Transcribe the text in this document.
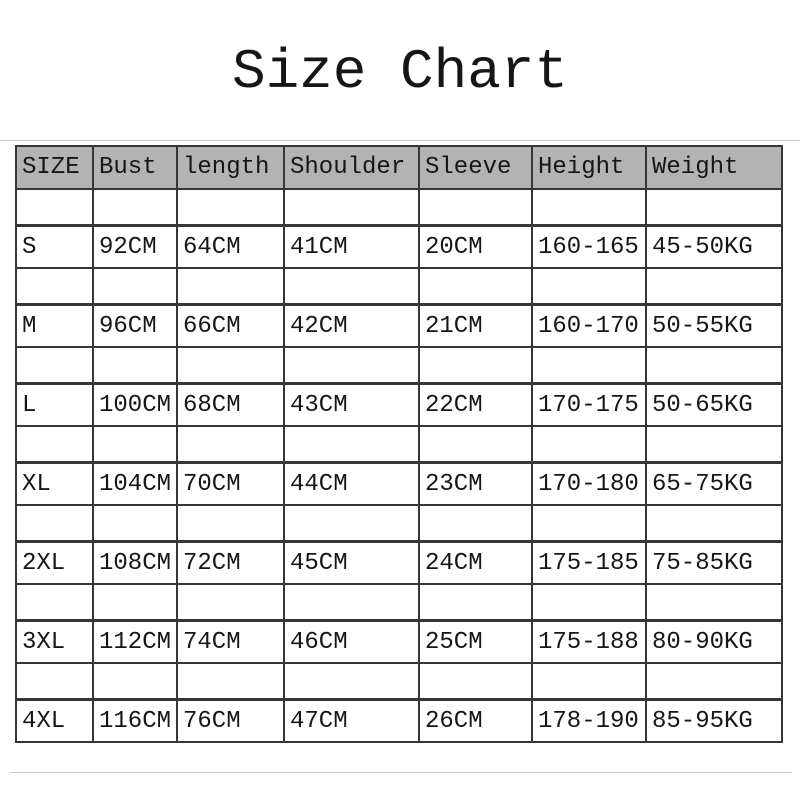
Size Chart
SIZE	Bust	length	Shoulder	Sleeve	Height	Weight

S	92CM	64CM	41CM	20CM	160-165	45-50KG

M	96CM	66CM	42CM	21CM	160-170	50-55KG

L	100CM	68CM	43CM	22CM	170-175	50-65KG

XL	104CM	70CM	44CM	23CM	170-180	65-75KG

2XL	108CM	72CM	45CM	24CM	175-185	75-85KG

3XL	112CM	74CM	46CM	25CM	175-188	80-90KG

4XL	116CM	76CM	47CM	26CM	178-190	85-95KG
